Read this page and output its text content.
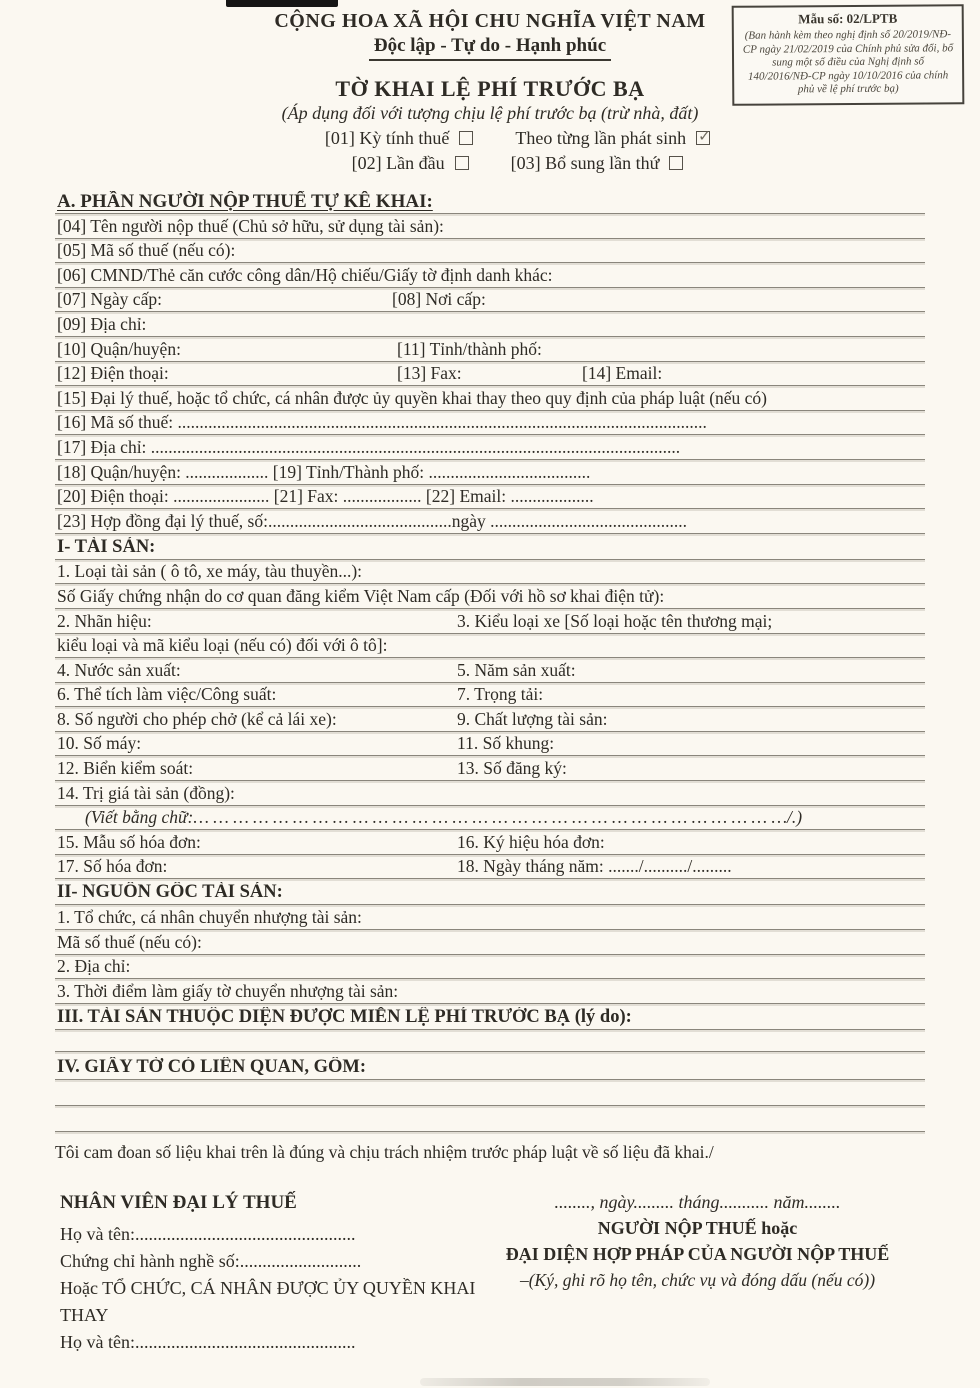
CỘNG HOA XÃ HỘI CHU NGHĨA VIỆT NAM
Độc lập - Tự do - Hạnh phúc
TỜ KHAI LỆ PHÍ TRƯỚC BẠ
(Áp dụng đối với tượng chịu lệ phí trước bạ (trừ nhà, đất)
[01] Kỳ tính thuế	Theo từng lần phát sinh✓
[02] Lần đầu	[03] Bổ sung lần thứ
Mẫu số: 02/LPTB
(Ban hành kèm theo nghị định số 20/2019/NĐ-CP ngày 21/02/2019 của Chính phủ sửa đổi, bổ sung một số điều của Nghị định số 140/2016/NĐ-CP ngày 10/10/2016 của chính phủ về lệ phí trước bạ)
A. PHẦN NGƯỜI NỘP THUẾ TỰ KÊ KHAI:
[04] Tên người nộp thuế (Chủ sở hữu, sử dụng tài sản):
[05] Mã số thuế (nếu có):
[06] CMND/Thẻ căn cước công dân/Hộ chiếu/Giấy tờ định danh khác:
[07] Ngày cấp:	[08] Nơi cấp:
[09] Địa chỉ:
[10] Quận/huyện:	[11] Tỉnh/thành phố:
[12] Điện thoại:	[13] Fax:	[14] Email:
[15] Đại lý thuế, hoặc tổ chức, cá nhân được ủy quyền khai thay theo quy định của pháp luật (nếu có)
[16] Mã số thuế: .........................................................................................................................
[17] Địa chỉ: .........................................................................................................................
[18] Quận/huyện: ................... [19] Tỉnh/Thành phố: .....................................
[20] Điện thoại: ...................... [21] Fax: .................. [22] Email: ...................
[23] Hợp đồng đại lý thuế, số:..........................................ngày .............................................
I- TÀI SẢN:
1. Loại tài sản ( ô tô, xe máy, tàu thuyền...):
Số Giấy chứng nhận do cơ quan đăng kiểm Việt Nam cấp (Đối với hồ sơ khai điện tử):
2. Nhãn hiệu:	3. Kiểu loại xe [Số loại hoặc tên thương mại;
kiểu loại và mã kiểu loại (nếu có) đối với ô tô]:
4. Nước sản xuất:	5. Năm sản xuất:
6. Thể tích làm việc/Công suất:	7. Trọng tải:
8. Số người cho phép chở (kể cả lái xe):	9. Chất lượng tài sản:
10. Số máy:	11. Số khung:
12. Biển kiểm soát:	13. Số đăng ký:
14. Trị giá tài sản (đồng):
(Viết bằng chữ:… … … … … … … … … … … … … … … … … … … … … … … … … … … … … …/.)
15. Mẫu số hóa đơn:	16. Ký hiệu hóa đơn:
17. Số hóa đơn:	18. Ngày tháng năm: ......./........../.........
II- NGUỒN GỐC TÀI SẢN:
1. Tổ chức, cá nhân chuyển nhượng tài sản:
Mã số thuế (nếu có):
2. Địa chỉ:
3. Thời điểm làm giấy tờ chuyển nhượng tài sản:
III. TÀI SẢN THUỘC DIỆN ĐƯỢC MIỄN LỆ PHÍ TRƯỚC BẠ (lý do):
IV. GIẤY TỜ CÓ LIÊN QUAN, GỒM:
Tôi cam đoan số liệu khai trên là đúng và chịu trách nhiệm trước pháp luật về số liệu đã khai./
NHÂN VIÊN ĐẠI LÝ THUẾ
Họ và tên:.................................................
Chứng chỉ hành nghề số:...........................
Hoặc TỔ CHỨC, CÁ NHÂN ĐƯỢC ỦY QUYỀN KHAI THAY
Họ và tên:.................................................
........, ngày......... tháng........... năm........
NGƯỜI NỘP THUẾ hoặc
ĐẠI DIỆN HỢP PHÁP CỦA NGƯỜI NỘP THUẾ
–(Ký, ghi rõ họ tên, chức vụ và đóng dấu (nếu có))
